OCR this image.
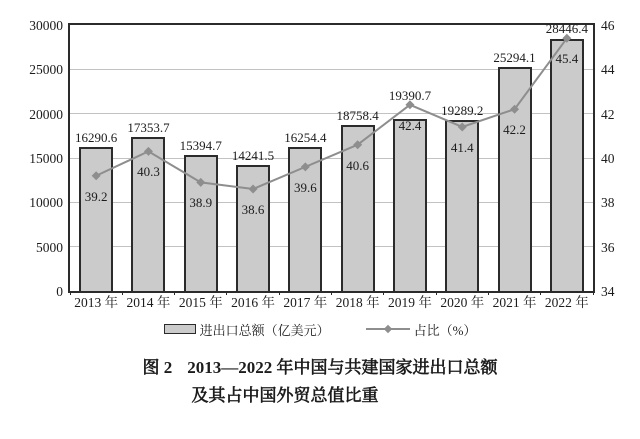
0
5000
10000
15000
20000
25000
30000
34
36
38
40
42
44
46
16290.6
39.2
17353.7
40.3
15394.7
38.9
14241.5
38.6
16254.4
39.6
18758.4
40.6
19390.7
42.4
19289.2
41.4
25294.1
42.2
28446.4
45.4
2013 年 2014 年 2015 年 2016 年 2017 年 2018 年 2019 年 2020 年 2021 年 2022 年
进出口总额（亿美元）	占比（%）
图 2 2013—2022 年中国与共建国家进出口总额
及其占中国外贸总值比重
